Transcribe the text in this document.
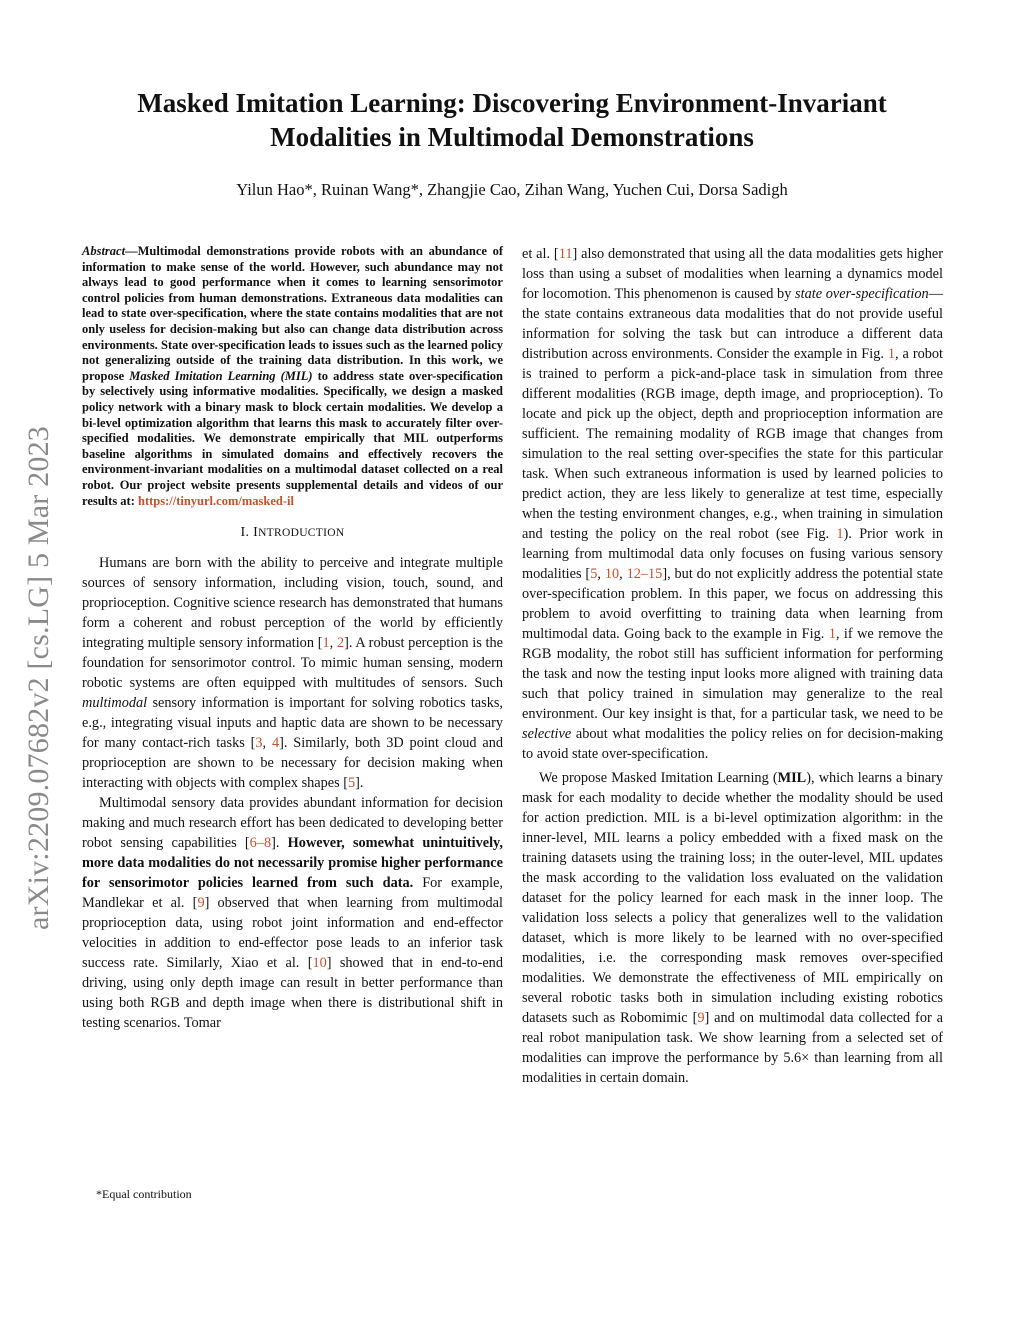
arXiv:2209.07682v2 [cs.LG] 5 Mar 2023
Masked Imitation Learning: Discovering Environment-Invariant
Modalities in Multimodal Demonstrations
Yilun Hao*, Ruinan Wang*, Zhangjie Cao, Zihan Wang, Yuchen Cui, Dorsa Sadigh

Abstract—Multimodal demonstrations provide robots with an abundance of information to make sense of the world. However, such abundance may not always lead to good performance when it comes to learning sensorimotor control policies from human demonstrations. Extraneous data modalities can lead to state over-specification, where the state contains modalities that are not only useless for decision-making but also can change data distribution across environments. State over-specification leads to issues such as the learned policy not generalizing outside of the training data distribution. In this work, we propose Masked Imitation Learning (MIL) to address state over-specification by selectively using informative modalities. Specifically, we design a masked policy network with a binary mask to block certain modalities. We develop a bi-level optimization algorithm that learns this mask to accurately filter over-specified modalities. We demonstrate empirically that MIL outperforms baseline algorithms in simulated domains and effectively recovers the environment-invariant modalities on a multimodal dataset collected on a real robot. Our project website presents supplemental details and videos of our results at: https://tinyurl.com/masked-il

I. INTRODUCTION

Humans are born with the ability to perceive and integrate multiple sources of sensory information, including vision, touch, sound, and proprioception. Cognitive science research has demonstrated that humans form a coherent and robust perception of the world by efficiently integrating multiple sensory information [1, 2]. A robust perception is the foundation for sensorimotor control. To mimic human sensing, modern robotic systems are often equipped with multitudes of sensors. Such multimodal sensory information is important for solving robotics tasks, e.g., integrating visual inputs and haptic data are shown to be necessary for many contact-rich tasks [3, 4]. Similarly, both 3D point cloud and proprioception are shown to be necessary for decision making when interacting with objects with complex shapes [5].

Multimodal sensory data provides abundant information for decision making and much research effort has been dedicated to developing better robot sensing capabilities [6–8]. However, somewhat unintuitively, more data modalities do not necessarily promise higher performance for sensorimotor policies learned from such data. For example, Mandlekar et al. [9] observed that when learning from multimodal proprioception data, using robot joint information and end-effector velocities in addition to end-effector pose leads to an inferior task success rate. Similarly, Xiao et al. [10] showed that in end-to-end driving, using only depth image can result in better performance than using both RGB and depth image when there is distributional shift in testing scenarios. Tomar

*Equal contribution

et al. [11] also demonstrated that using all the data modalities gets higher loss than using a subset of modalities when learning a dynamics model for locomotion. This phenomenon is caused by state over-specification—the state contains extraneous data modalities that do not provide useful information for solving the task but can introduce a different data distribution across environments. Consider the example in Fig. 1, a robot is trained to perform a pick-and-place task in simulation from three different modalities (RGB image, depth image, and proprioception). To locate and pick up the object, depth and proprioception information are sufficient. The remaining modality of RGB image that changes from simulation to the real setting over-specifies the state for this particular task. When such extraneous information is used by learned policies to predict action, they are less likely to generalize at test time, especially when the testing environment changes, e.g., when training in simulation and testing the policy on the real robot (see Fig. 1). Prior work in learning from multimodal data only focuses on fusing various sensory modalities [5, 10, 12–15], but do not explicitly address the potential state over-specification problem. In this paper, we focus on addressing this problem to avoid overfitting to training data when learning from multimodal data. Going back to the example in Fig. 1, if we remove the RGB modality, the robot still has sufficient information for performing the task and now the testing input looks more aligned with training data such that policy trained in simulation may generalize to the real environment. Our key insight is that, for a particular task, we need to be selective about what modalities the policy relies on for decision-making to avoid state over-specification.

We propose Masked Imitation Learning (MIL), which learns a binary mask for each modality to decide whether the modality should be used for action prediction. MIL is a bi-level optimization algorithm: in the inner-level, MIL learns a policy embedded with a fixed mask on the training datasets using the training loss; in the outer-level, MIL updates the mask according to the validation loss evaluated on the validation dataset for the policy learned for each mask in the inner loop. The validation loss selects a policy that generalizes well to the validation dataset, which is more likely to be learned with no over-specified modalities, i.e. the corresponding mask removes over-specified modalities. We demonstrate the effectiveness of MIL empirically on several robotic tasks both in simulation including existing robotics datasets such as Robomimic [9] and on multimodal data collected for a real robot manipulation task. We show learning from a selected set of modalities can improve the performance by 5.6× than learning from all modalities in certain domain.
